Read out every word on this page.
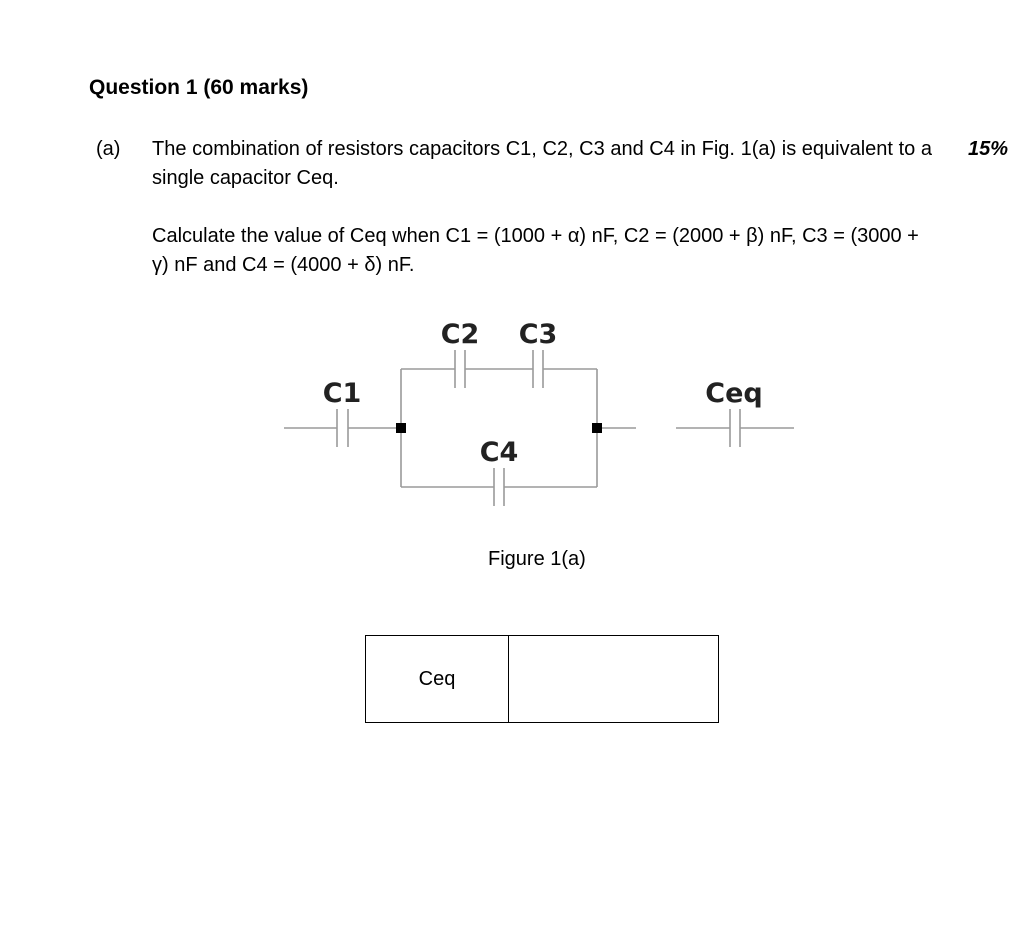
Question 1 (60 marks)
(a)	15%

The combination of resistors capacitors C1, C2, C3 and C4 in Fig. 1(a) is equivalent to a single capacitor Ceq.

Calculate the value of Ceq when C1 = (1000 + α) nF, C2 = (2000 + β) nF, C3 = (3000 + γ) nF and C4 = (4000 + δ) nF.

C1
C2 C3
C4
Ceq
Figure 1(a)
Ceq	
